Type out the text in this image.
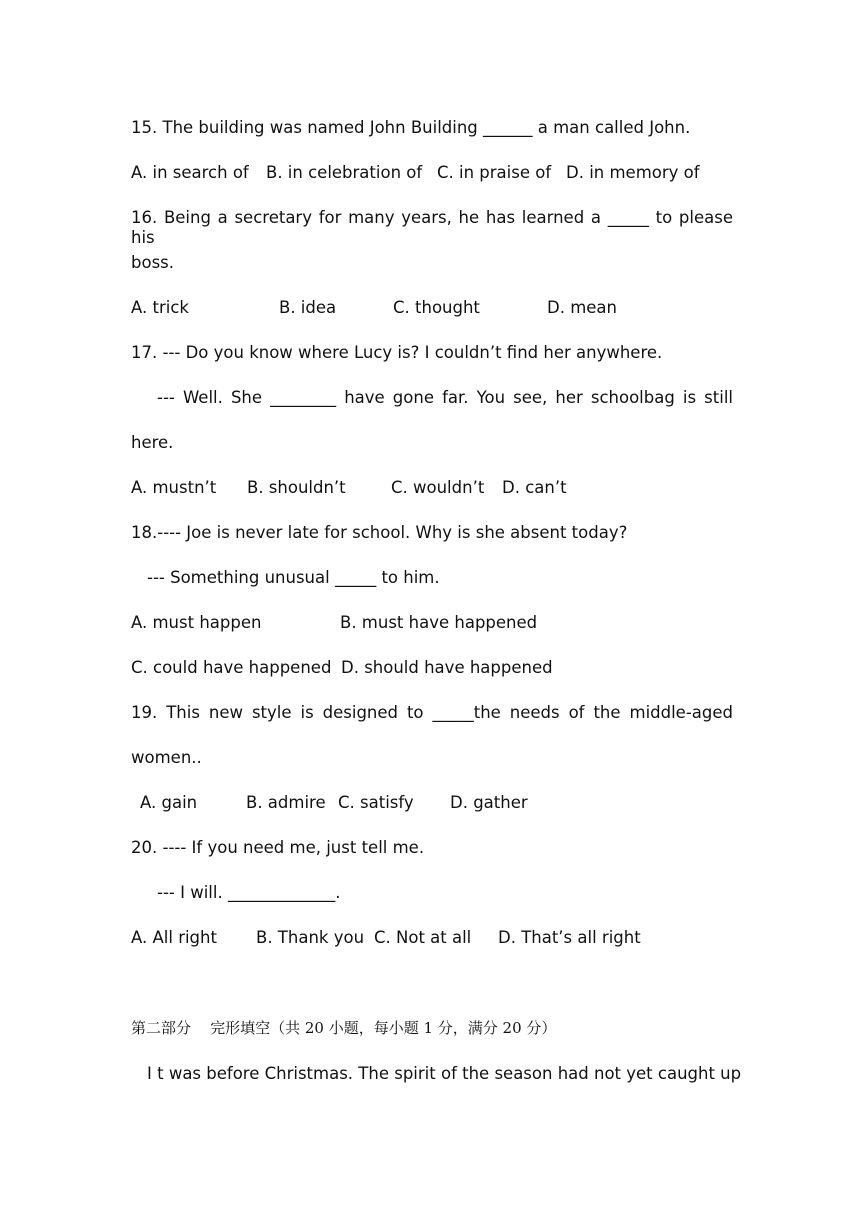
15. The building was named John Building ______ a man called John.
A. in search of B. in celebration of C. in praise of D. in memory of
16. Being a secretary for many years, he has learned a _____ to please his
boss.
A. trick	B. idea	C. thought	D. mean
17. --- Do you know where Lucy is? I couldn’t find her anywhere.
--- Well. She ________ have gone far. You see, her schoolbag is still
here.
A. mustn’t B. shouldn’t	C. wouldn’t D. can’t
18.---- Joe is never late for school. Why is she absent today?
--- Something unusual _____ to him.
A. must happen	B. must have happened
C. could have happened D. should have happened
19. This new style is designed to _____the needs of the middle-aged
women..
A. gain	B. admire C. satisfy D. gather
20. ---- If you need me, just tell me.
--- I will. _____________.
A. All right B. Thank you C. Not at all D. That’s all right
第二部分    完形填空（共 20 小题，每小题 1 分，满分 20 分）
I t was before Christmas. The spirit of the season had not yet caught up
